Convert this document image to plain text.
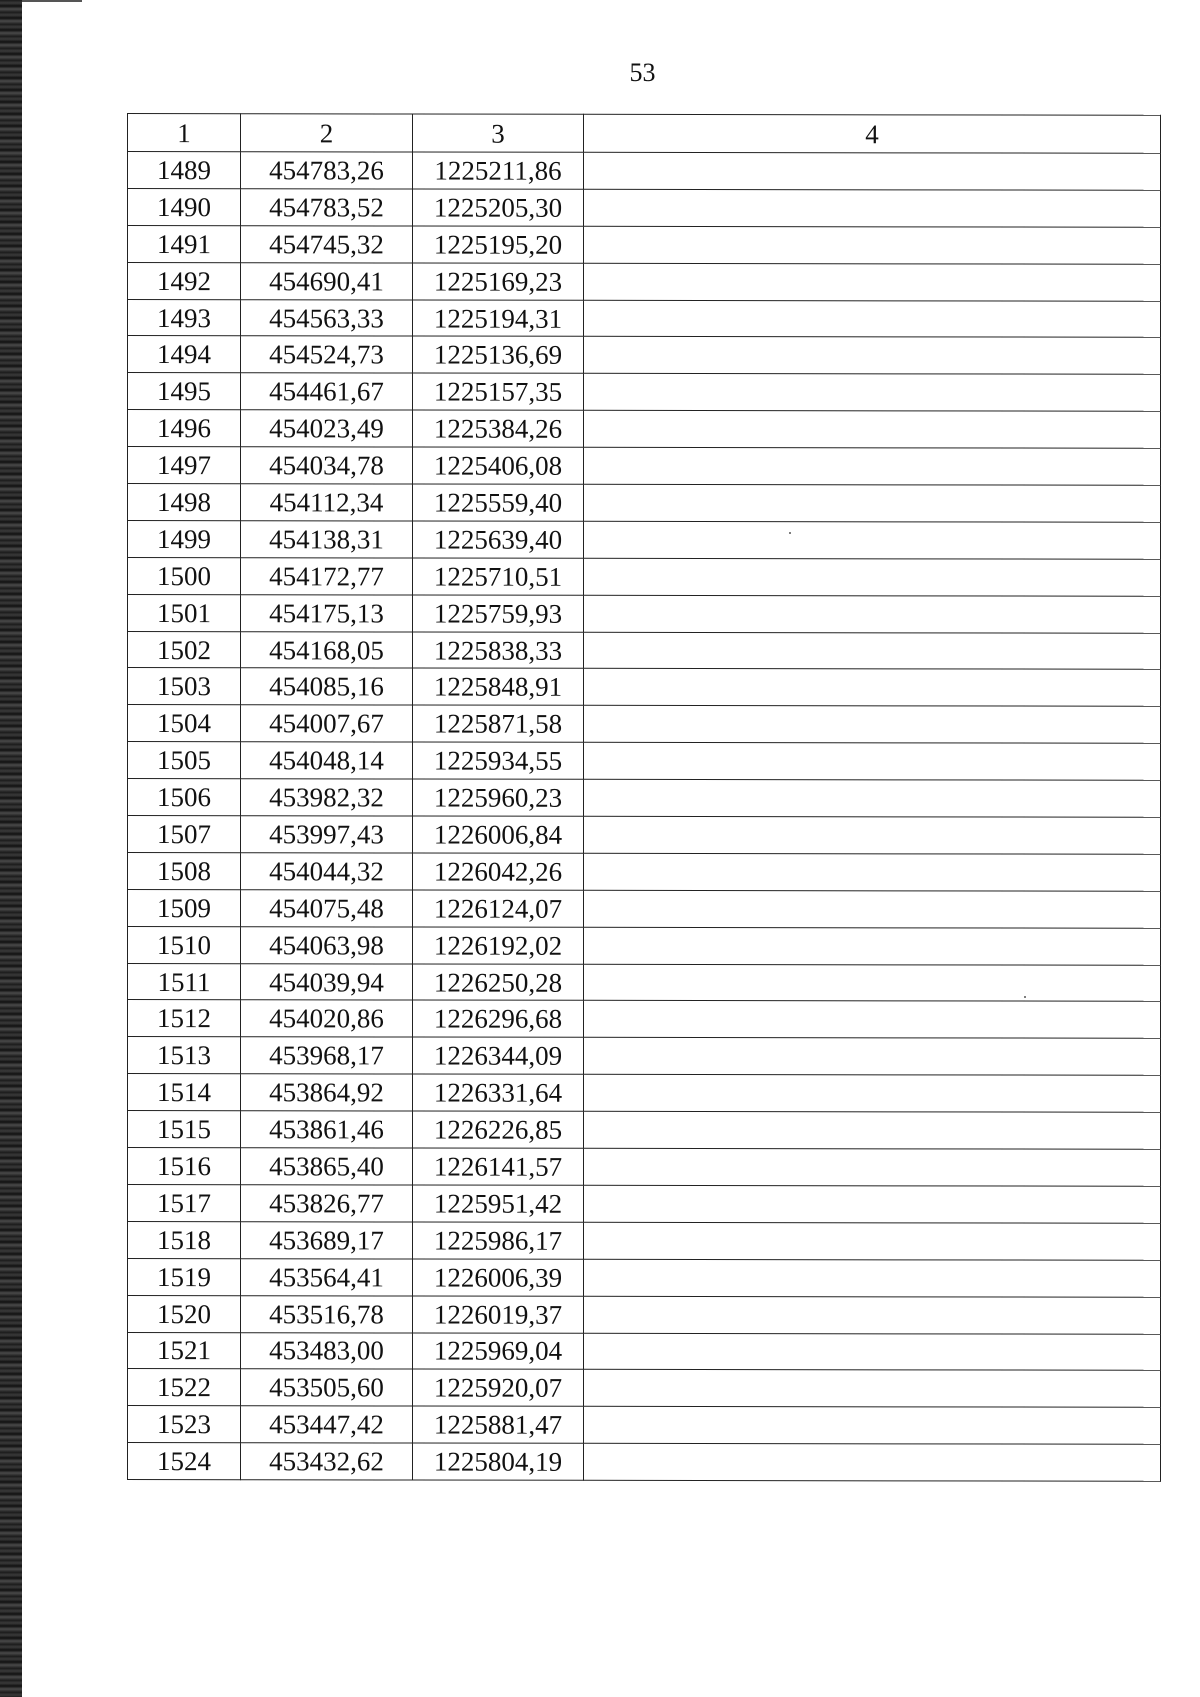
53
1	2	3	4
1489	454783,26	1225211,86	
1490	454783,52	1225205,30	
1491	454745,32	1225195,20	
1492	454690,41	1225169,23	
1493	454563,33	1225194,31	
1494	454524,73	1225136,69	
1495	454461,67	1225157,35	
1496	454023,49	1225384,26	
1497	454034,78	1225406,08	
1498	454112,34	1225559,40	
1499	454138,31	1225639,40	
1500	454172,77	1225710,51	
1501	454175,13	1225759,93	
1502	454168,05	1225838,33	
1503	454085,16	1225848,91	
1504	454007,67	1225871,58	
1505	454048,14	1225934,55	
1506	453982,32	1225960,23	
1507	453997,43	1226006,84	
1508	454044,32	1226042,26	
1509	454075,48	1226124,07	
1510	454063,98	1226192,02	
1511	454039,94	1226250,28	
1512	454020,86	1226296,68	
1513	453968,17	1226344,09	
1514	453864,92	1226331,64	
1515	453861,46	1226226,85	
1516	453865,40	1226141,57	
1517	453826,77	1225951,42	
1518	453689,17	1225986,17	
1519	453564,41	1226006,39	
1520	453516,78	1226019,37	
1521	453483,00	1225969,04	
1522	453505,60	1225920,07	
1523	453447,42	1225881,47	
1524	453432,62	1225804,19	
